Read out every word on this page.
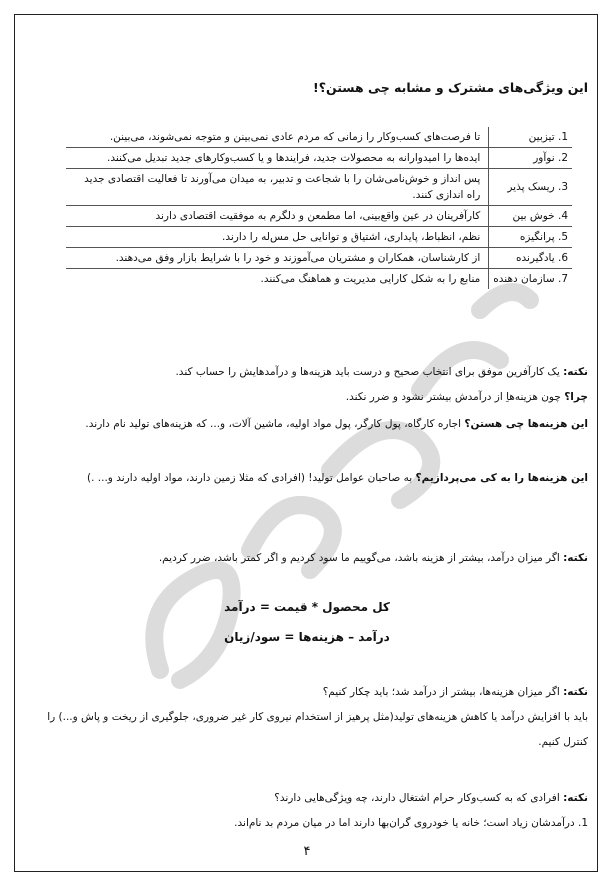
این ویژگی‌های مشترک و مشابه چی هستن؟!
1. تیزبین	تا فرصت‌های کسب‌وکار را زمانی که مردم عادی نمی‌بینن و متوجه نمی‌شوند، می‌بینن.
2. نوآور	ایده‌ها را امیدوارانه به محصولات جدید، فرایندها و یا کسب‌وکارهای جدید تبدیل می‌کنند.
3. ریسک پذیر	پس انداز و خوش‌نامی‌شان را با شجاعت و تدبیر، به میدان می‌آورند تا فعالیت اقتصادی جدید راه اندازی کنند.
4. خوش بین	کارآفرینان در عین واقع‌بینی، اما مطمعن و دلگرم به موفقیت اقتصادی دارند
5. پرانگیزه	نظم، انظباط، پایداری، اشتیاق و توانایی حل مس‌له را دارند.
6. یادگیرنده	از کارشناسان، همکاران و مشتریان می‌آموزند و خود را با شرایط بازار وفق می‌دهند.
7. سازمان دهنده	منابع را به شکل کارایی مدیریت و هماهنگ می‌کنند.
نکته: یک کارآفرین موفق برای انتخاب صحیح و درست باید هزینه‌ها و درآمدهایش را حساب کند.
چرا؟ چون هزینه‌هاِ از درآمدش بیشتر نشود و ضرر نکند.
این هزینه‌ها چی هستن؟ اجاره کارگاه، پول کارگر، پول مواد اولیه، ماشین آلات، و... که هزینه‌های تولید نام دارند.
این هزینه‌ها را به کی می‌پردازیم؟ به صاحبان عوامل تولید! (افرادی که مثلا زمین دارند، مواد اولیه دارند و... .)
نکته: اگر میزان درآمد، بیشتر از هزینه باشد، می‌گوییم ما سود کردیم و اگر کمتر باشد، ضرر کردیم.
کل محصول * قیمت = درآمد
درآمد – هزینه‌ها = سود/زیان
نکته: اگر میزان هزینه‌ها، بیشتر از درآمد شد؛ باید چکار کنیم؟
باید با افزایش درآمد یا کاهش هزینه‌های تولید(مثل پرهیز از استخدام نیروی کار غیر ضروری، جلوگیری از ریخت و پاش و...) را کنترل کنیم.
نکته: افرادی که به کسب‌وکار حرام اشتغال دارند، چه ویژگی‌هایی دارند؟
1. درآمدشان زیاد است؛ خانه یا خودروی گران‌بها دارند اما در میان مردم بد نام‌اند.
۴
